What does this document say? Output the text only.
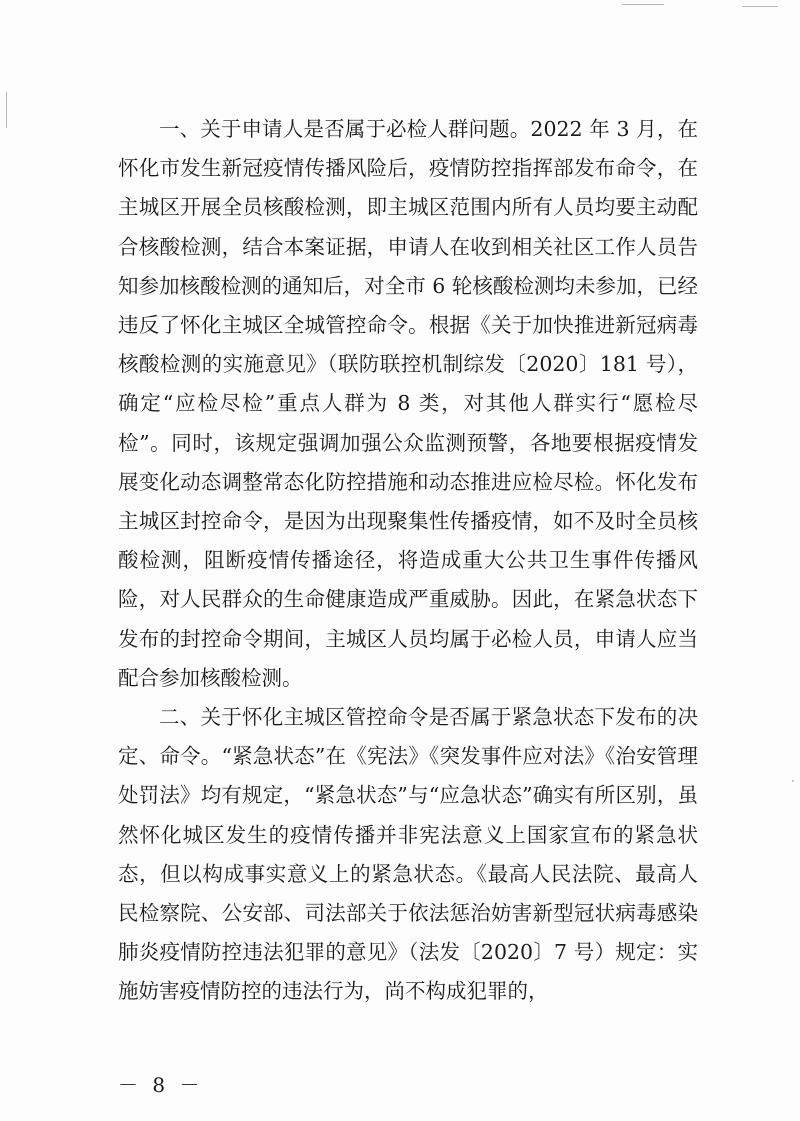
一、关于申请人是否属于必检人群问题。2022 年 3 月，在怀化市发生新冠疫情传播风险后，疫情防控指挥部发布命令，在主城区开展全员核酸检测，即主城区范围内所有人员均要主动配合核酸检测，结合本案证据，申请人在收到相关社区工作人员告知参加核酸检测的通知后，对全市 6 轮核酸检测均未参加，已经违反了怀化主城区全城管控命令。根据《关于加快推进新冠病毒核酸检测的实施意见》（联防联控机制综发〔2020〕181 号），确定“应检尽检”重点人群为 8 类，对其他人群实行“愿检尽检”。同时，该规定强调加强公众监测预警，各地要根据疫情发展变化动态调整常态化防控措施和动态推进应检尽检。怀化发布主城区封控命令，是因为出现聚集性传播疫情，如不及时全员核酸检测，阻断疫情传播途径，将造成重大公共卫生事件传播风险，对人民群众的生命健康造成严重威胁。因此，在紧急状态下发布的封控命令期间，主城区人员均属于必检人员，申请人应当配合参加核酸检测。

二、关于怀化主城区管控命令是否属于紧急状态下发布的决定、命令。“紧急状态”在《宪法》《突发事件应对法》《治安管理处罚法》均有规定，“紧急状态”与“应急状态”确实有所区别，虽然怀化城区发生的疫情传播并非宪法意义上国家宣布的紧急状态，但以构成事实意义上的紧急状态。《最高人民法院、最高人民检察院、公安部、司法部关于依法惩治妨害新型冠状病毒感染肺炎疫情防控违法犯罪的意见》（法发〔2020〕7 号）规定：实施妨害疫情防控的违法行为，尚不构成犯罪的，

－ 8 －
